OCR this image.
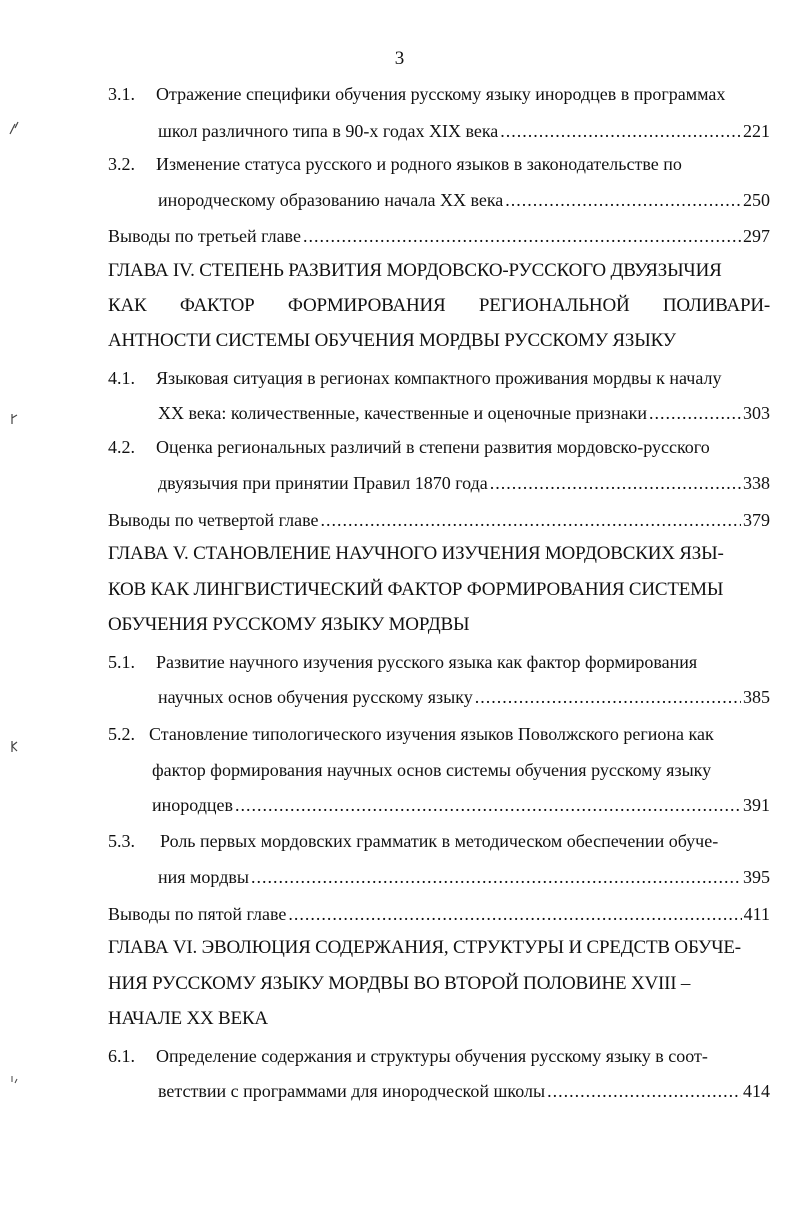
3
3.1.	Отражение специфики обучения русскому языку инородцев в программах
школ различного типа в 90-х годах XIX века .....	221
3.2.	Изменение статуса русского и родного языков в законодательстве по
инородческому образованию начала XX века .....	250
Выводы по третьей главе .....	297
ГЛАВА IV. СТЕПЕНЬ РАЗВИТИЯ МОРДОВСКО-РУССКОГО ДВУЯЗЫЧИЯ
КАК ФАКТОР ФОРМИРОВАНИЯ РЕГИОНАЛЬНОЙ ПОЛИВАРИ-
АНТНОСТИ СИСТЕМЫ ОБУЧЕНИЯ МОРДВЫ РУССКОМУ ЯЗЫКУ
4.1.	Языковая ситуация в регионах компактного проживания мордвы к началу
XX века: количественные, качественные и оценочные признаки .....	303
4.2.	Оценка региональных различий в степени развития мордовско-русского
двуязычия при принятии Правил 1870 года .....	338
Выводы по четвертой главе .....	379
ГЛАВА V. СТАНОВЛЕНИЕ НАУЧНОГО ИЗУЧЕНИЯ МОРДОВСКИХ ЯЗЫ-
КОВ КАК ЛИНГВИСТИЧЕСКИЙ ФАКТОР ФОРМИРОВАНИЯ СИСТЕМЫ
ОБУЧЕНИЯ РУССКОМУ ЯЗЫКУ МОРДВЫ
5.1.	Развитие научного изучения русского языка как фактор формирования
научных основ обучения русскому языку .....	385
5.2. Становление типологического изучения языков Поволжского региона как
фактор формирования научных основ системы обучения русскому языку
инородцев .....	391
5.3.	Роль первых мордовских грамматик в методическом обеспечении обуче-
ния мордвы .....	395
Выводы по пятой главе .....	411
ГЛАВА VI. ЭВОЛЮЦИЯ СОДЕРЖАНИЯ, СТРУКТУРЫ И СРЕДСТВ ОБУЧЕ-
НИЯ РУССКОМУ ЯЗЫКУ МОРДВЫ ВО ВТОРОЙ ПОЛОВИНЕ XVIII –
НАЧАЛЕ XX ВЕКА
6.1.	Определение содержания и структуры обучения русскому языку в соот-
ветствии с программами для инородческой школы .....	414
